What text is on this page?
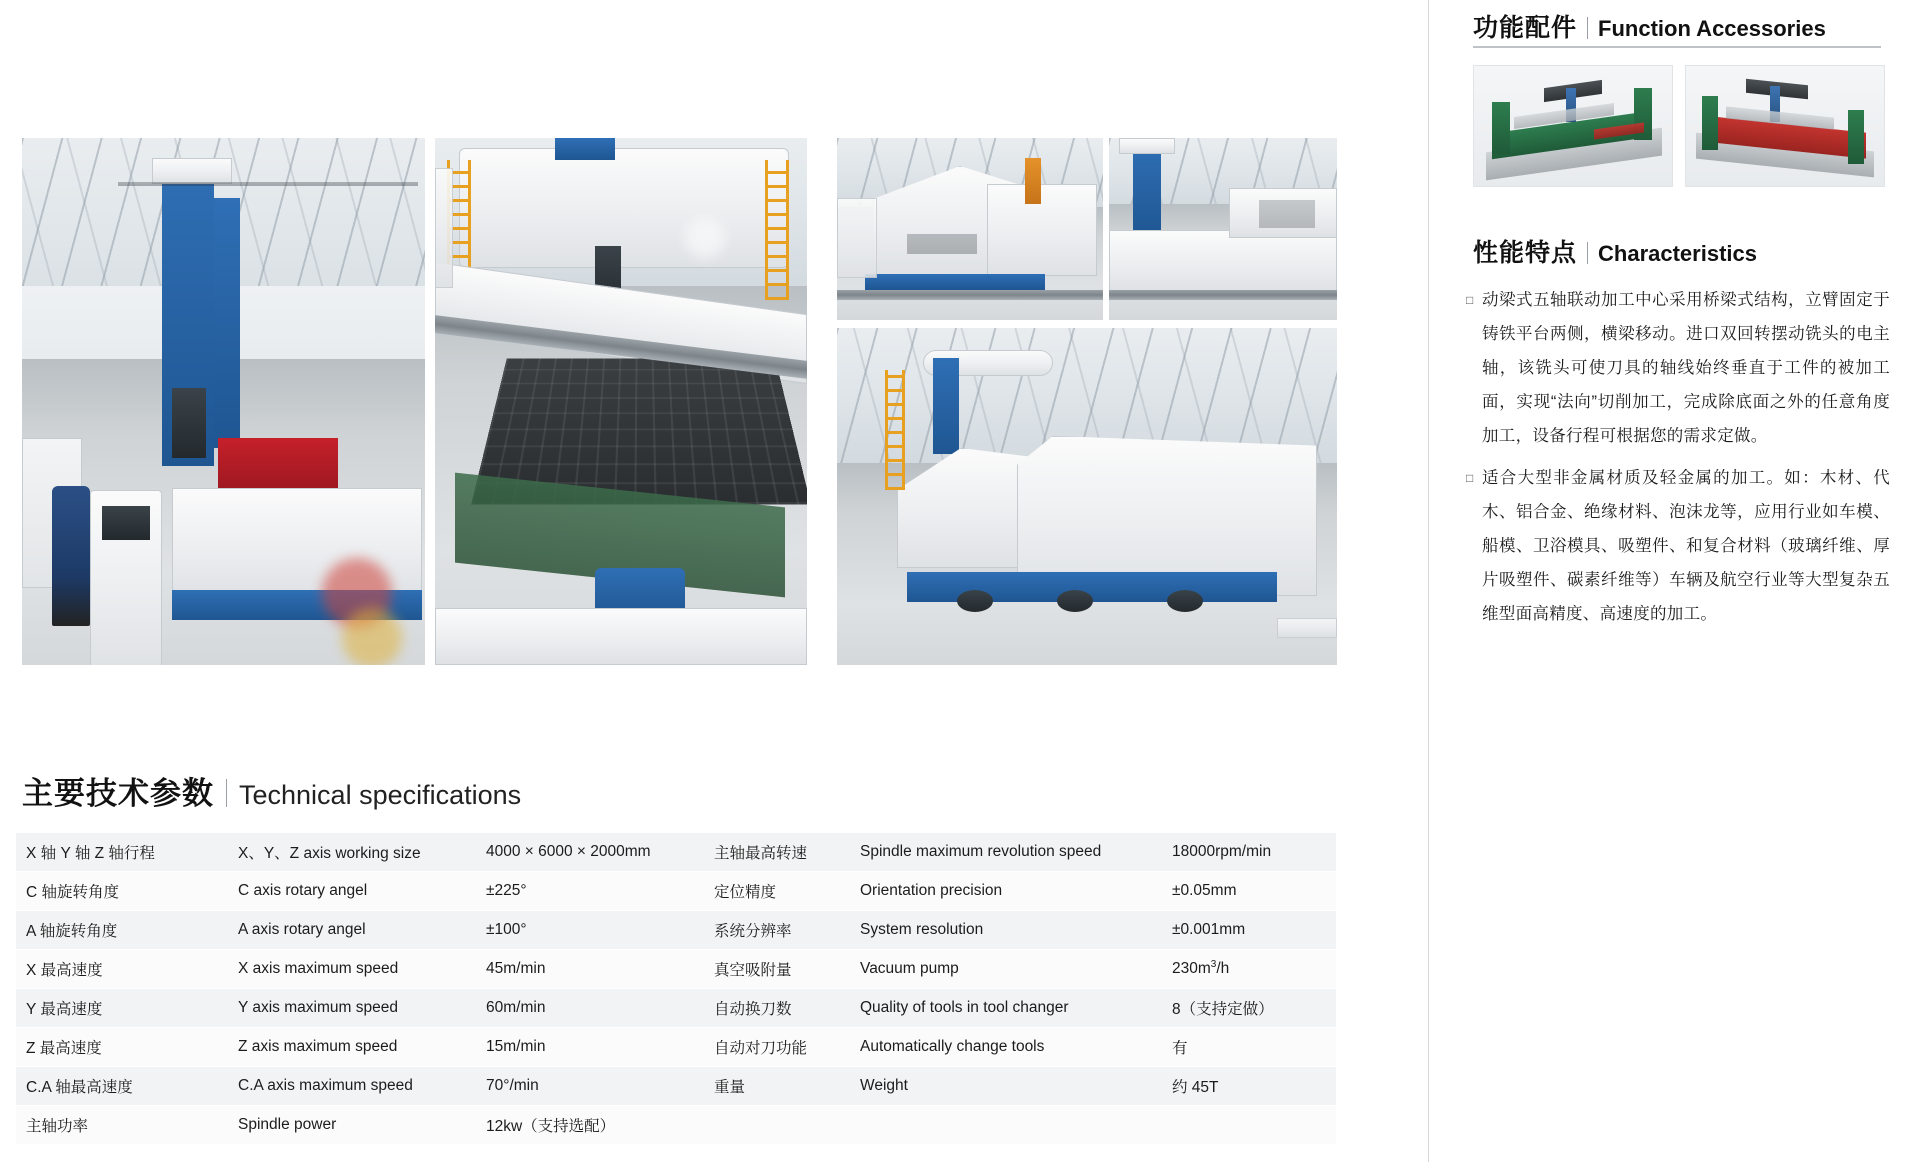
主要技术参数 Technical specifications
X 轴 Y 轴 Z 轴行程	X、Y、Z axis working size	4000 × 6000 × 2000mm	主轴最高转速	Spindle maximum revolution speed	18000rpm/min
C 轴旋转角度	C axis rotary angel	±225°	定位精度	Orientation precision	±0.05mm
A 轴旋转角度	A axis rotary angel	±100°	系统分辨率	System resolution	±0.001mm
X 最高速度	X axis maximum speed	45m/min	真空吸附量	Vacuum pump	$230m^3/h$
Y 最高速度	Y axis maximum speed	60m/min	自动换刀数	Quality of tools in tool changer	8（支持定做）
Z 最高速度	Z axis maximum speed	15m/min	自动对刀功能	Automatically change tools	有
C.A 轴最高速度	C.A axis maximum speed	70°/min	重量	Weight	约 45T
主轴功率	Spindle power	12kw（支持选配）			
功能配件 Function Accessories
性能特点 Characteristics
□ 动梁式五轴联动加工中心采用桥梁式结构，立臂固定于铸铁平台两侧，横梁移动。进口双回转摆动铣头的电主轴，该铣头可使刀具的轴线始终垂直于工件的被加工面，实现“法向”切削加工，完成除底面之外的任意角度加工，设备行程可根据您的需求定做。
□ 适合大型非金属材质及轻金属的加工。如：木材、代木、铝合金、绝缘材料、泡沫龙等，应用行业如车模、船模、卫浴模具、吸塑件、和复合材料（玻璃纤维、厚片吸塑件、碳素纤维等）车辆及航空行业等大型复杂五维型面高精度、高速度的加工。
